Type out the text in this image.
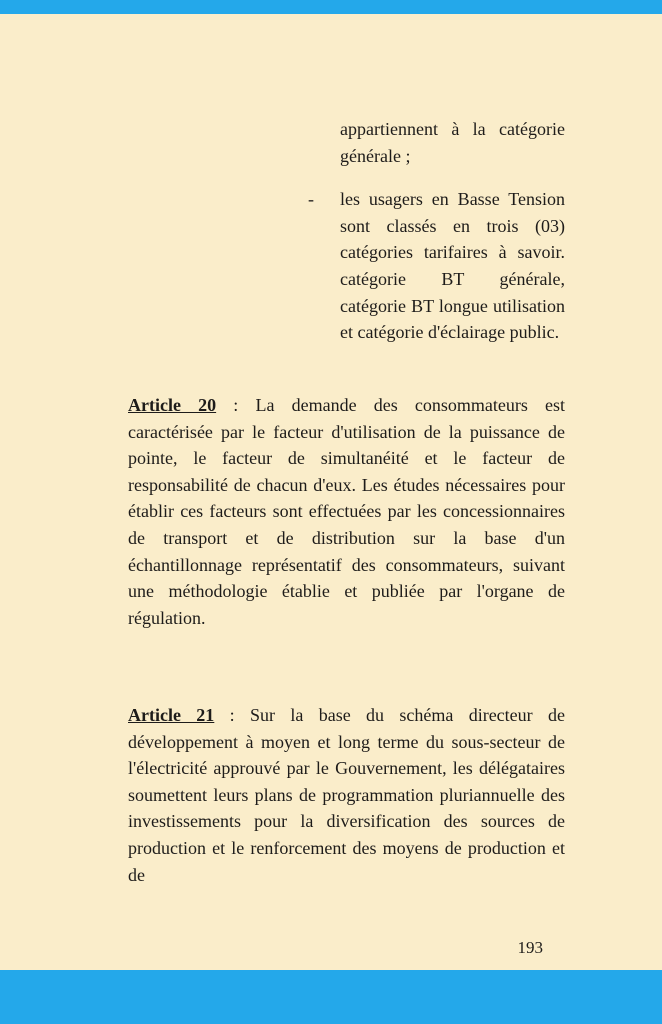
appartiennent à la catégorie générale ;

-	les usagers en Basse Tension sont classés en trois (03) catégories tarifaires à savoir. catégorie BT générale, catégorie BT longue utilisation et catégorie d'éclairage public.

Article 20 : La demande des consommateurs est caractérisée par le facteur d'utilisation de la puissance de pointe, le facteur de simultanéité et le facteur de responsabilité de chacun d'eux. Les études nécessaires pour établir ces facteurs sont effectuées par les concessionnaires de transport et de distribution sur la base d'un échantillonnage représentatif des consommateurs, suivant une méthodologie établie et publiée par l'organe de régulation.

Article 21 : Sur la base du schéma directeur de développement à moyen et long terme du sous-secteur de l'électricité approuvé par le Gouvernement, les délégataires soumettent leurs plans de programmation pluriannuelle des investissements pour la diversification des sources de production et le renforcement des moyens de production et de

193
